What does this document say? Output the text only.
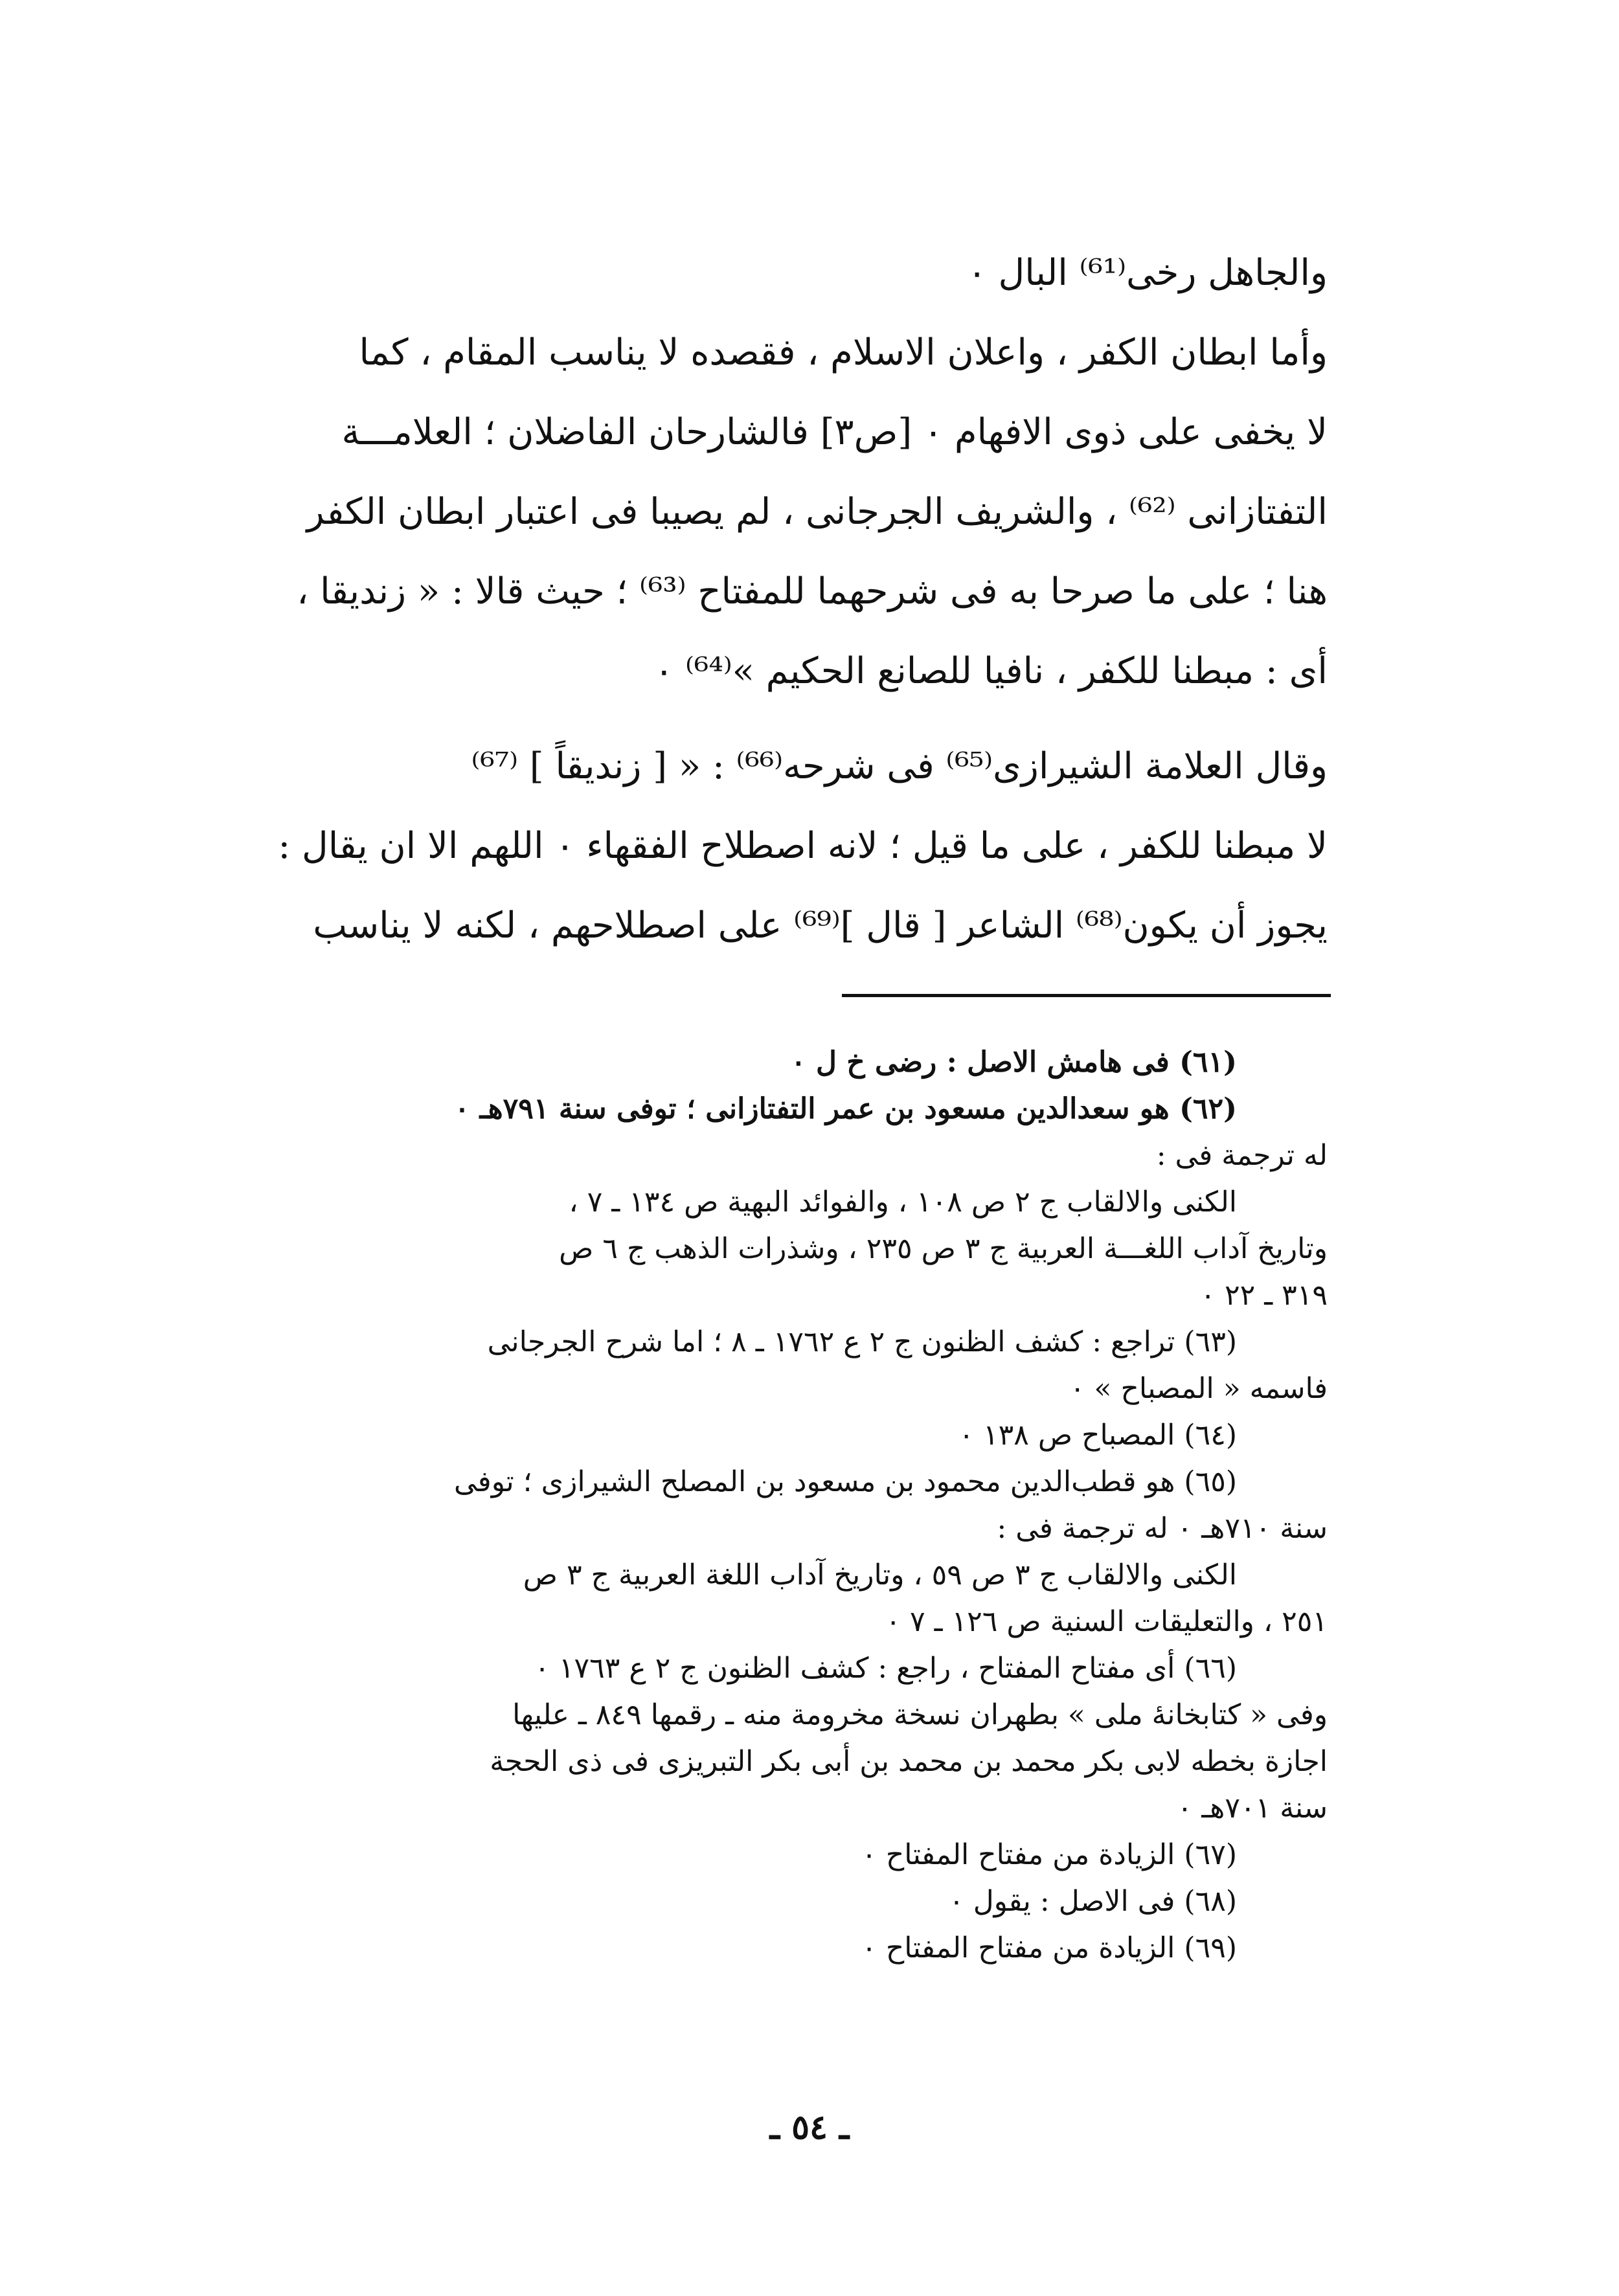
والجاهل رخى⁽⁶¹⁾ البال ٠

وأما ابطان الكفر ، واعلان الاسلام ، فقصده لا يناسب المقام ، كما
لا يخفى على ذوى الافهام ٠ [ص٣] فالشارحان الفاضلان ؛ العلامـــة
التفتازانى ⁽⁶²⁾ ، والشريف الجرجانى ، لم يصيبا فى اعتبار ابطان الكفر
هنا ؛ على ما صرحا به فى شرحهما للمفتاح ⁽⁶³⁾ ؛ حيث قالا : « زنديقا ،
أى : مبطنا للكفر ، نافيا للصانع الحكيم »⁽⁶⁴⁾ ٠

وقال العلامة الشيرازى⁽⁶⁵⁾ فى شرحه⁽⁶⁶⁾ : « [ زنديقاً ] ⁽⁶⁷⁾
لا مبطنا للكفر ، على ما قيل ؛ لانه اصطلاح الفقهاء ٠ اللهم الا ان يقال :
يجوز أن يكون⁽⁶⁸⁾ الشاعر [ قال ]⁽⁶⁹⁾ على اصطلاحهم ، لكنه لا يناسب

(٦١) فى هامش الاصل : رضى خ ل ٠
(٦٢) هو سعدالدين مسعود بن عمر التفتازانى ؛ توفى سنة ٧٩١هـ ٠
له ترجمة فى :
الكنى والالقاب ج ٢ ص ١٠٨ ، والفوائد البهية ص ١٣٤ ـ ٧ ،
وتاريخ آداب اللغـــة العربية ج ٣ ص ٢٣٥ ، وشذرات الذهب ج ٦ ص
٣١٩ ـ ٢٢ ٠
(٦٣) تراجع : كشف الظنون ج ٢ ع ١٧٦٢ ـ ٨ ؛ اما شرح الجرجانى
فاسمه « المصباح » ٠
(٦٤) المصباح ص ١٣٨ ٠
(٦٥) هو قطب‌الدين محمود بن مسعود بن المصلح الشيرازى ؛ توفى
سنة ٧١٠هـ ٠ له ترجمة فى :
الكنى والالقاب ج ٣ ص ٥٩ ، وتاريخ آداب اللغة العربية ج ٣ ص
٢٥١ ، والتعليقات السنية ص ١٢٦ ـ ٧ ٠
(٦٦) أى مفتاح المفتاح ، راجع : كشف الظنون ج ٢ ع ١٧٦٣ ٠
وفى « كتابخانهٔ ملى » بطهران نسخة مخرومة منه ـ رقمها ٨٤٩ ـ عليها
اجازة بخطه لابى بكر محمد بن محمد بن أبى بكر التبريزى فى ذى الحجة
سنة ٧٠١هـ ٠
(٦٧) الزيادة من مفتاح المفتاح ٠
(٦٨) فى الاصل : يقول ٠
(٦٩) الزيادة من مفتاح المفتاح ٠
ـ ٥٤ ـ
